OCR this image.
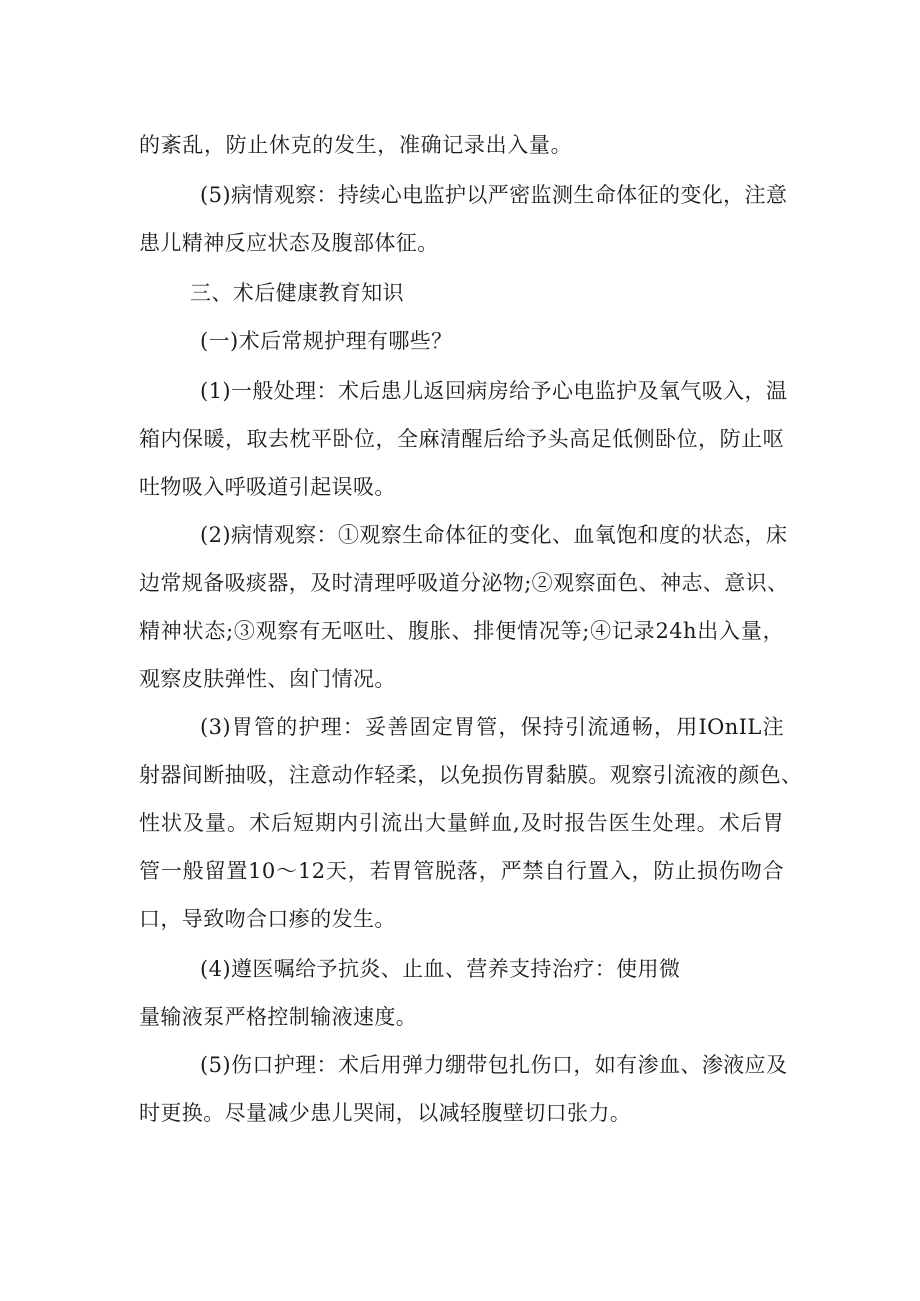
的紊乱，防止休克的发生，准确记录出入量。
(5)病情观察：持续心电监护以严密监测生命体征的变化，注意
患儿精神反应状态及腹部体征。
三、术后健康教育知识
(一)术后常规护理有哪些？
(1)一般处理：术后患儿返回病房给予心电监护及氧气吸入，温
箱内保暖，取去枕平卧位，全麻清醒后给予头高足低侧卧位，防止呕
吐物吸入呼吸道引起误吸。
(2)病情观察：①观察生命体征的变化、血氧饱和度的状态，床
边常规备吸痰器，及时清理呼吸道分泌物;②观察面色、神志、意识、
精神状态;③观察有无呕吐、腹胀、排便情况等;④记录24h出入量，
观察皮肤弹性、囱门情况。
(3)胃管的护理：妥善固定胃管，保持引流通畅，用IOnIL注
射器间断抽吸，注意动作轻柔，以免损伤胃黏膜。观察引流液的颜色、
性状及量。术后短期内引流出大量鲜血,及时报告医生处理。术后胃
管一般留置10～12天，若胃管脱落，严禁自行置入，防止损伤吻合
口，导致吻合口瘆的发生。
(4)遵医嘱给予抗炎、止血、营养支持治疗：使用微
量输液泵严格控制输液速度。
(5)伤口护理：术后用弹力绷带包扎伤口，如有渗血、渗液应及
时更换。尽量减少患儿哭闹，以减轻腹壁切口张力。
